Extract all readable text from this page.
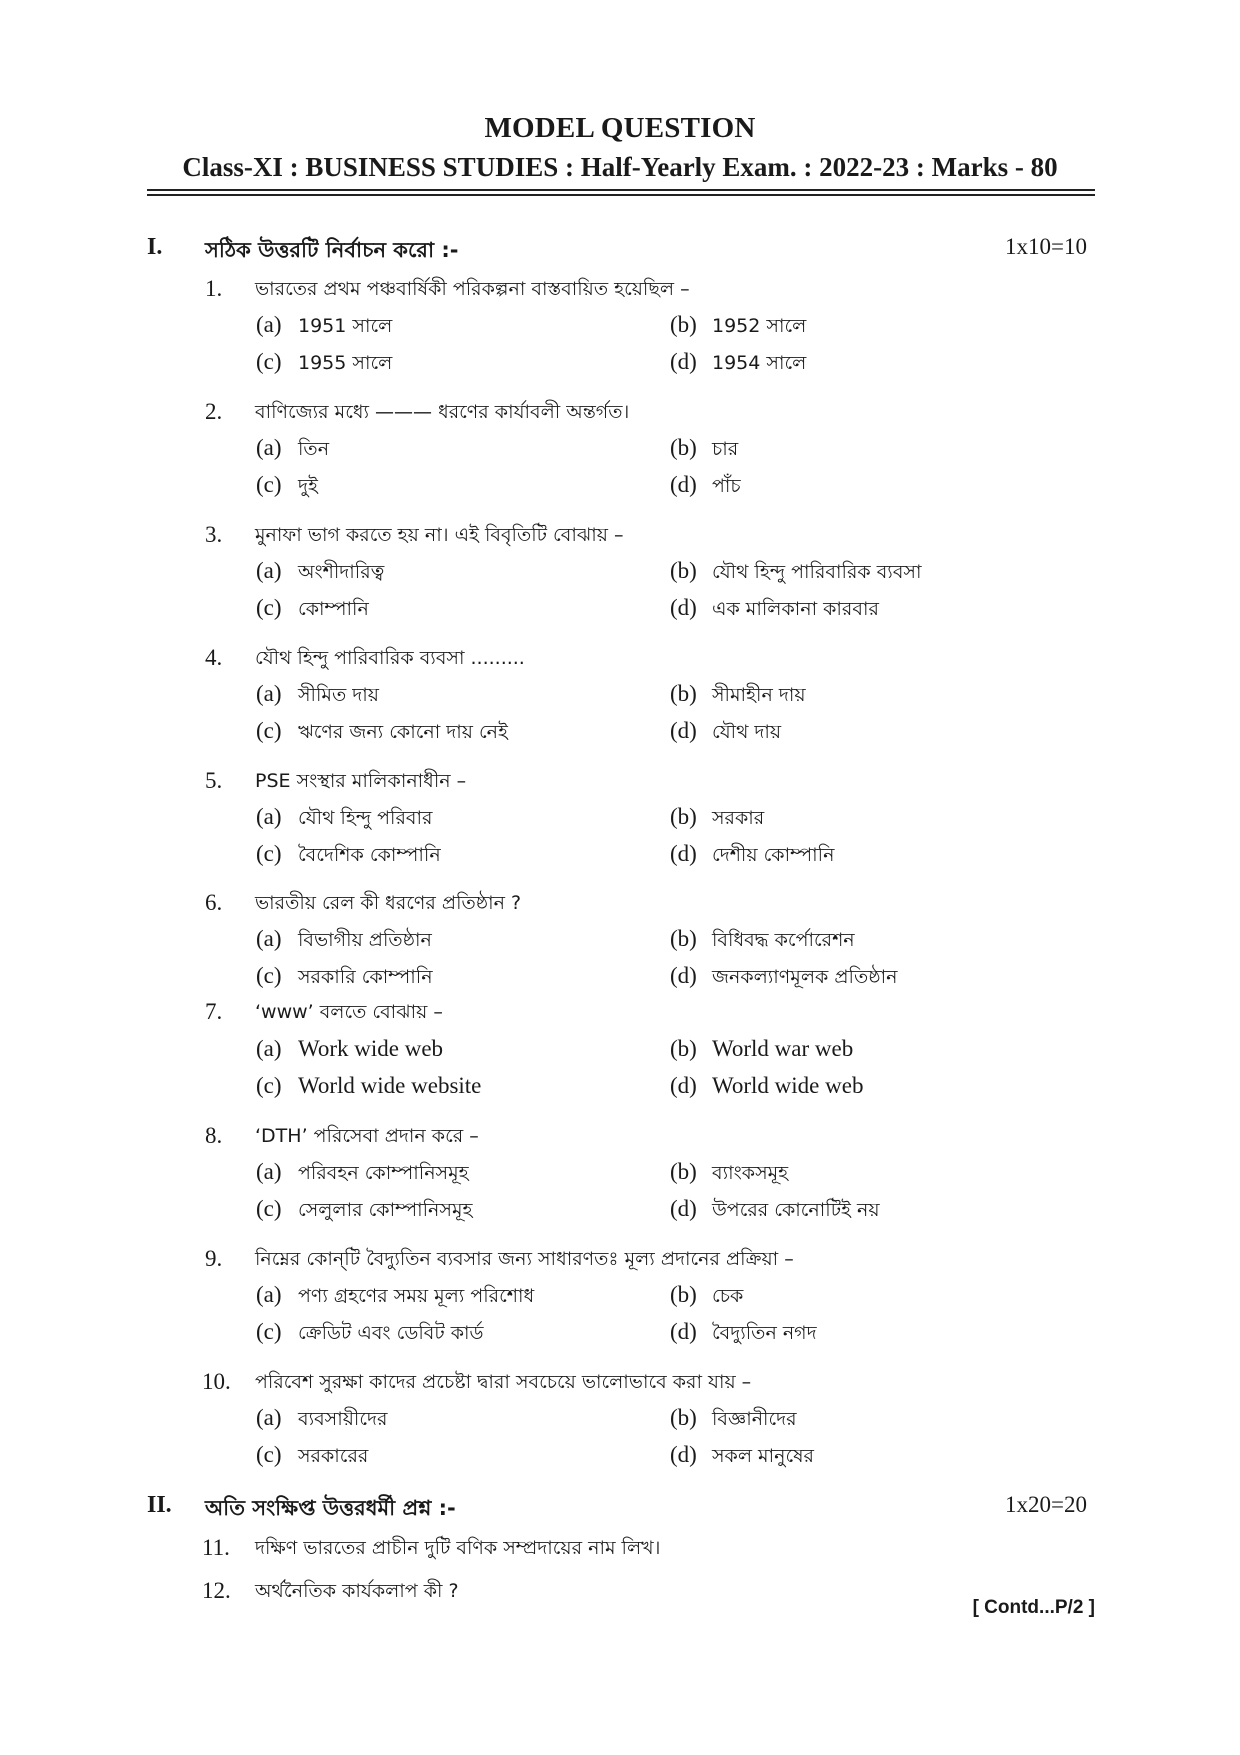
MODEL QUESTION
Class-XI : BUSINESS STUDIES : Half-Yearly Exam. : 2022-23 : Marks - 80
I. সঠিক উত্তরটি নির্বাচন করো :-	1x10=10
1.	ভারতের প্রথম পঞ্চবার্ষিকী পরিকল্পনা বাস্তবায়িত হয়েছিল –
(a) 1951 সালে	(b) 1952 সালে
(c) 1955 সালে	(d) 1954 সালে
2.	বাণিজ্যের মধ্যে ——— ধরণের কার্যাবলী অন্তর্গত।
(a) তিন	(b) চার
(c) দুই	(d) পাঁচ
3.	মুনাফা ভাগ করতে হয় না। এই বিবৃতিটি বোঝায় –
(a) অংশীদারিত্ব	(b) যৌথ হিন্দু পারিবারিক ব্যবসা
(c) কোম্পানি	(d) এক মালিকানা কারবার
4.	যৌথ হিন্দু পারিবারিক ব্যবসা .........
(a) সীমিত দায়	(b) সীমাহীন দায়
(c) ঋণের জন্য কোনো দায় নেই	(d) যৌথ দায়
5.	PSE সংস্থার মালিকানাধীন –
(a) যৌথ হিন্দু পরিবার	(b) সরকার
(c) বৈদেশিক কোম্পানি	(d) দেশীয় কোম্পানি
6.	ভারতীয় রেল কী ধরণের প্রতিষ্ঠান ?
(a) বিভাগীয় প্রতিষ্ঠান	(b) বিধিবদ্ধ কর্পোরেশন
(c) সরকারি কোম্পানি	(d) জনকল্যাণমূলক প্রতিষ্ঠান
7.	‘www’ বলতে বোঝায় –
(a) Work wide web	(b) World war web
(c) World wide website	(d) World wide web
8.	‘DTH’ পরিসেবা প্রদান করে –
(a) পরিবহন কোম্পানিসমূহ	(b) ব্যাংকসমূহ
(c) সেলুলার কোম্পানিসমূহ	(d) উপরের কোনোটিই নয়
9.	নিম্নের কোন্‌টি বৈদ্যুতিন ব্যবসার জন্য সাধারণতঃ মূল্য প্রদানের প্রক্রিয়া –
(a) পণ্য গ্রহণের সময় মূল্য পরিশোধ	(b) চেক
(c) ক্রেডিট এবং ডেবিট কার্ড	(d) বৈদ্যুতিন নগদ
10.	পরিবেশ সুরক্ষা কাদের প্রচেষ্টা দ্বারা সবচেয়ে ভালোভাবে করা যায় –
(a) ব্যবসায়ীদের	(b) বিজ্ঞানীদের
(c) সরকারের	(d) সকল মানুষের
II. অতি সংক্ষিপ্ত উত্তরধর্মী প্রশ্ন :-	1x20=20
11.	দক্ষিণ ভারতের প্রাচীন দুটি বণিক সম্প্রদায়ের নাম লিখ।
12.	অর্থনৈতিক কার্যকলাপ কী ?
[ Contd...P/2 ]
